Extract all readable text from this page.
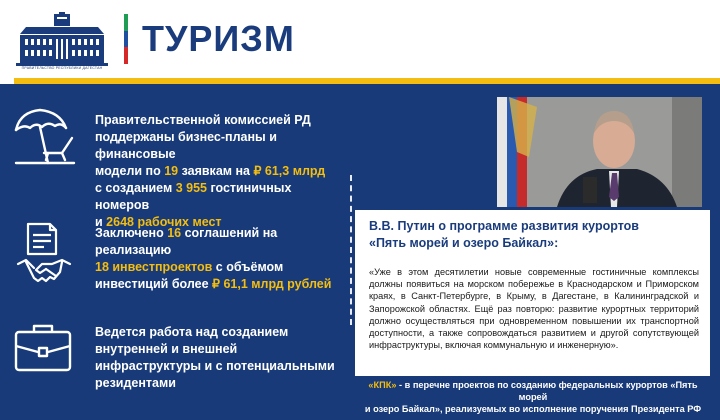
ПРАВИТЕЛЬСТВО РЕСПУБЛИКИ ДАГЕСТАН
ТУРИЗМ
Правительственной комиссией РД
поддержаны бизнес-планы и финансовые
модели по 19 заявкам на ₽ 61,3 млрд
с созданием 3 955 гостиничных номеров
и 2648 рабочих мест
Заключено 16 соглашений на реализацию
18 инвестпроектов с объёмом
инвестиций более ₽ 61,1 млрд рублей
Ведется работа над созданием
внутренней и внешней
инфраструктуры и с потенциальными
резидентами
В.В. Путин о программе развития курортов
«Пять морей и озеро Байкал»:
«Уже в этом десятилетии новые современные гостиничные комплексы должны появиться на морском побережье в Краснодарском и Приморском краях, в Санкт-Петербурге, в Крыму, в Дагестане, в Калининградской и Запорожской областях. Ещё раз повторю: развитие курортных территорий должно осуществляться при одновременном повышении их транспортной доступности, а также сопровождаться развитием и другой сопутствующей инфраструктуры, включая коммунальную и инженерную».
«КПК» - в перечне проектов по созданию федеральных курортов «Пять морей
и озеро Байкал», реализуемых во исполнение поручения Президента РФ
